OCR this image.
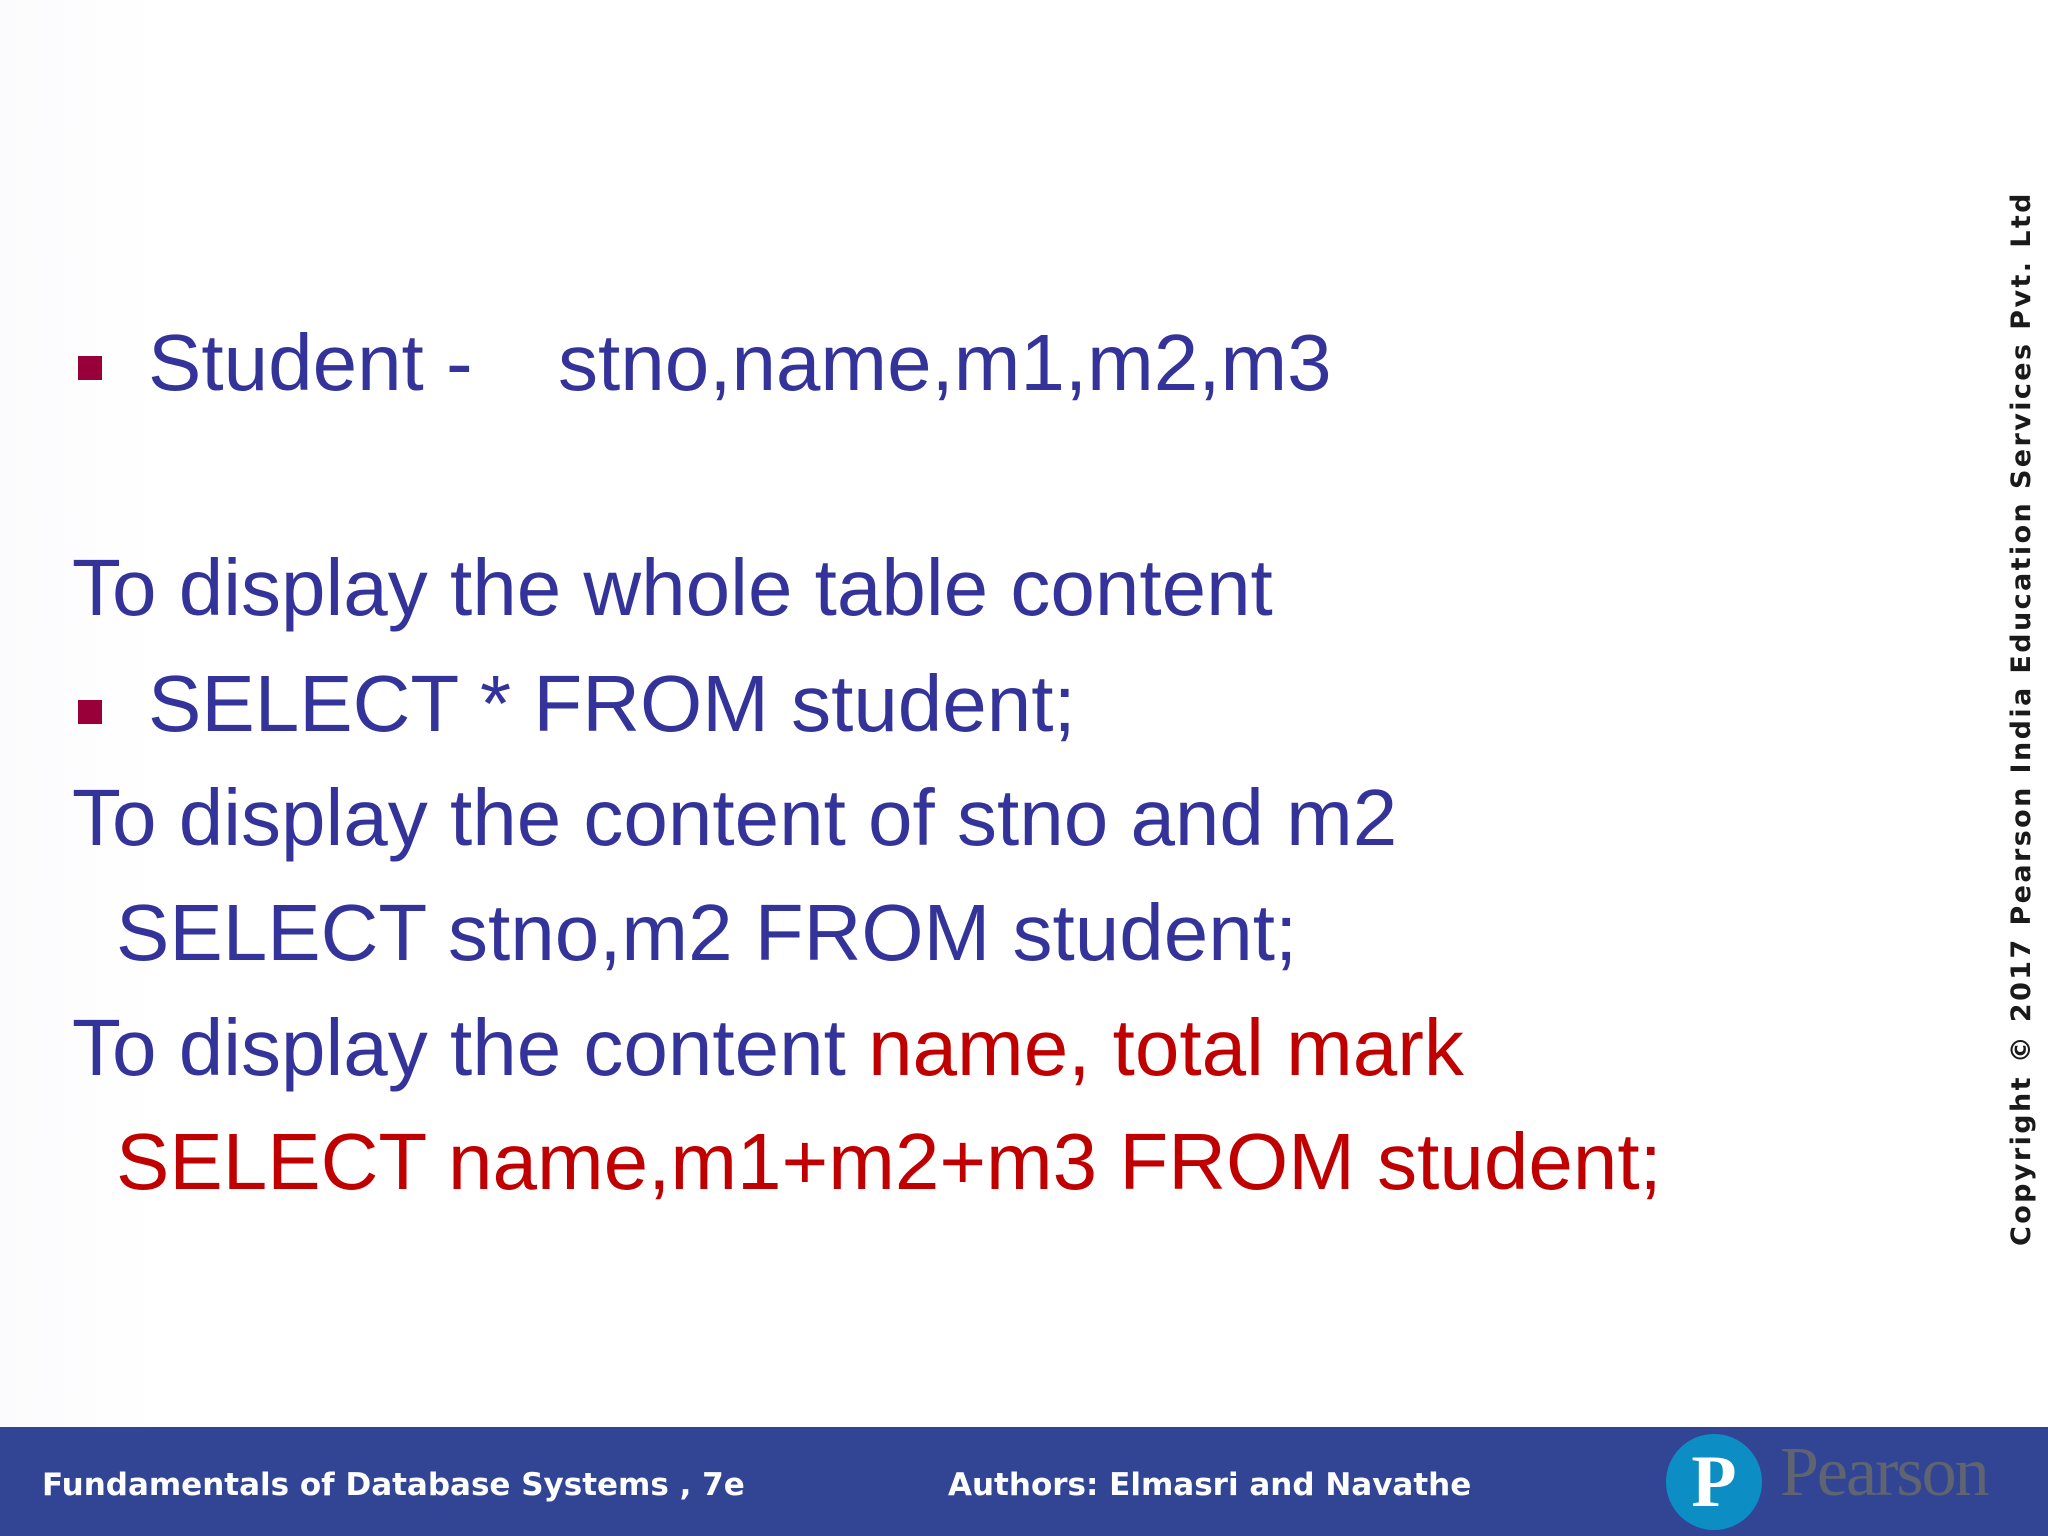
Student - stno,name,m1,m2,m3
To display the whole table content
SELECT * FROM student;
To display the content of stno and m2
SELECT stno,m2 FROM student;
To display the content name, total mark
SELECT name,m1+m2+m3 FROM student;	Copyright © 2017 Pearson India Education Services Pvt. Ltd
Fundamentals of Database Systems , 7e	Authors: Elmasri and Navathe	P Pearson
